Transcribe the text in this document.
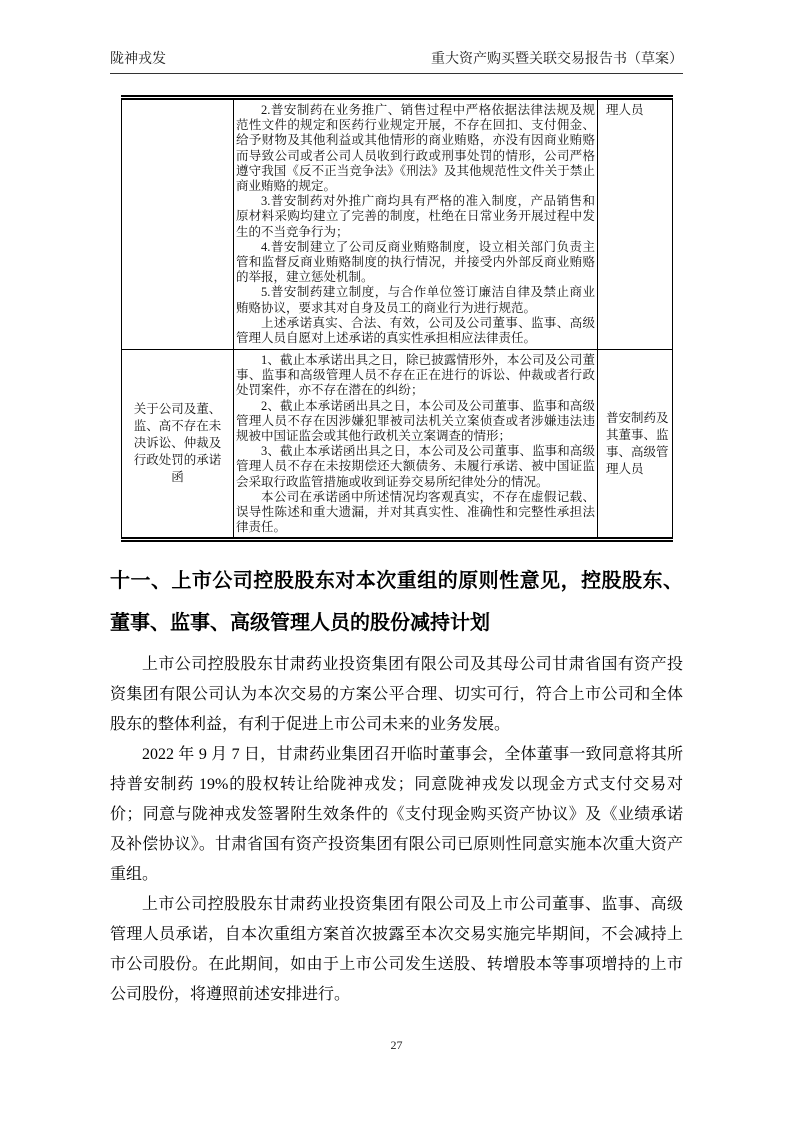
陇神戎发	重大资产购买暨关联交易报告书（草案）

	2.普安制药在业务推广、销售过程中严格依据法律法规及规范性文件的规定和医药行业规定开展，不存在回扣、支付佣金、给予财物及其他利益或其他情形的商业贿赂，亦没有因商业贿赂而导致公司或者公司人员收到行政或刑事处罚的情形，公司严格遵守我国《反不正当竞争法》《刑法》及其他规范性文件关于禁止商业贿赂的规定。

3.普安制药对外推广商均具有严格的准入制度，产品销售和原材料采购均建立了完善的制度，杜绝在日常业务开展过程中发生的不当竞争行为；

4.普安制建立了公司反商业贿赂制度，设立相关部门负责主管和监督反商业贿赂制度的执行情况，并接受内外部反商业贿赂的举报，建立惩处机制。

5.普安制药建立制度，与合作单位签订廉洁自律及禁止商业贿赂协议，要求其对自身及员工的商业行为进行规范。

上述承诺真实、合法、有效，公司及公司董事、监事、高级管理人员自愿对上述承诺的真实性承担相应法律责任。	理人员
关于公司及董、监、高不存在未决诉讼、仲裁及行政处罚的承诺函	1、截止本承诺出具之日，除已披露情形外，本公司及公司董事、监事和高级管理人员不存在正在进行的诉讼、仲裁或者行政处罚案件，亦不存在潜在的纠纷；

2、截止本承诺函出具之日，本公司及公司董事、监事和高级管理人员不存在因涉嫌犯罪被司法机关立案侦查或者涉嫌违法违规被中国证监会或其他行政机关立案调查的情形；

3、截止本承诺函出具之日，本公司及公司董事、监事和高级管理人员不存在未按期偿还大额债务、未履行承诺、被中国证监会采取行政监管措施或收到证券交易所纪律处分的情况。

本公司在承诺函中所述情况均客观真实，不存在虚假记载、误导性陈述和重大遗漏，并对其真实性、准确性和完整性承担法律责任。	普安制药及其董事、监事、高级管理人员
十一、上市公司控股股东对本次重组的原则性意见，控股股东、董事、监事、高级管理人员的股份减持计划

上市公司控股股东甘肃药业投资集团有限公司及其母公司甘肃省国有资产投资集团有限公司认为本次交易的方案公平合理、切实可行，符合上市公司和全体股东的整体利益，有利于促进上市公司未来的业务发展。

2022 年 9 月 7 日，甘肃药业集团召开临时董事会，全体董事一致同意将其所持普安制药 19%的股权转让给陇神戎发；同意陇神戎发以现金方式支付交易对价；同意与陇神戎发签署附生效条件的《支付现金购买资产协议》及《业绩承诺及补偿协议》。甘肃省国有资产投资集团有限公司已原则性同意实施本次重大资产重组。

上市公司控股股东甘肃药业投资集团有限公司及上市公司董事、监事、高级管理人员承诺，自本次重组方案首次披露至本次交易实施完毕期间，不会减持上市公司股份。在此期间，如由于上市公司发生送股、转增股本等事项增持的上市公司股份，将遵照前述安排进行。

27
